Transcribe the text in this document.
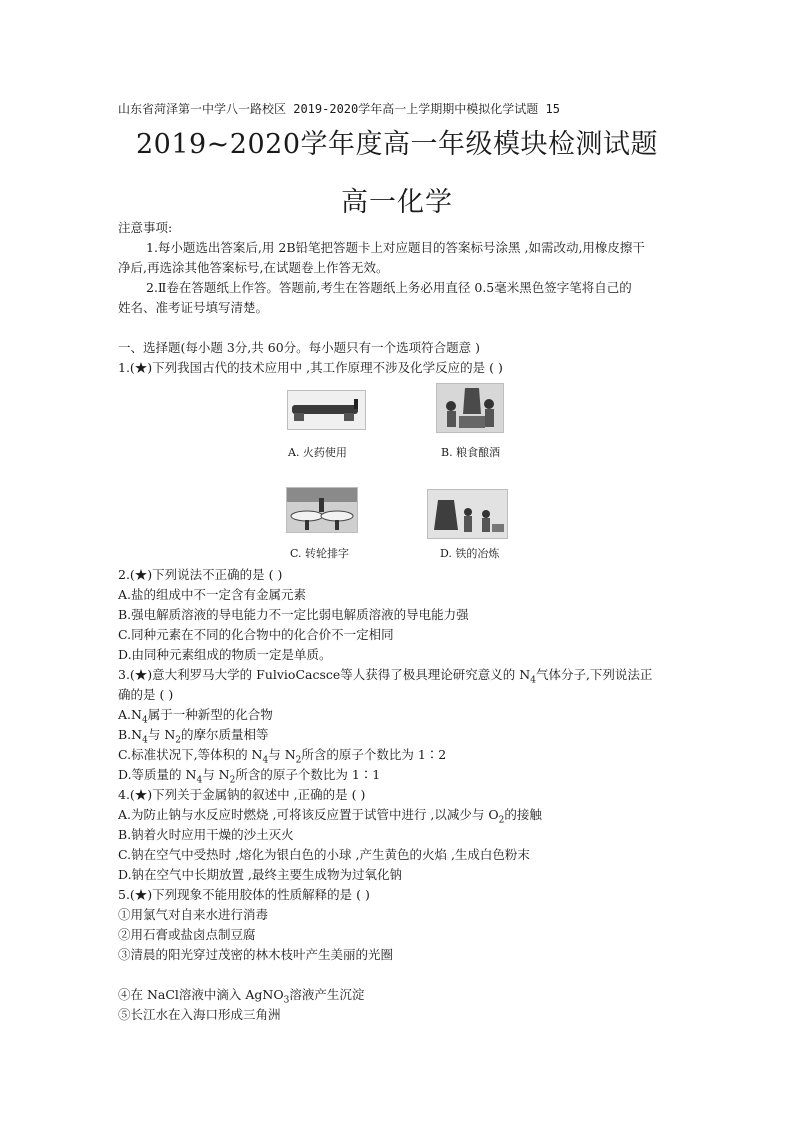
山东省菏泽第一中学八一路校区 2019-2020学年高一上学期期中模拟化学试题 15
2019~2020学年度高一年级模块检测试题
高一化学
注意事项:
1.每小题选出答案后,用 2B铅笔把答题卡上对应题目的答案标号涂黑 ,如需改动,用橡皮擦干
净后,再选涂其他答案标号,在试题卷上作答无效。
2.Ⅱ卷在答题纸上作答。答题前,考生在答题纸上务必用直径 0.5毫米黑色签字笔将自己的
姓名、准考证号填写清楚。
一、选择题(每小题 3分,共 60分。每小题只有一个选项符合题意 )
1.(★)下列我国古代的技术应用中 ,其工作原理不涉及化学反应的是 ( )
A. 火药使用	B. 粮食酿酒
C. 转轮排字	D. 铁的冶炼
2.(★)下列说法不正确的是 ( )
A.盐的组成中不一定含有金属元素
B.强电解质溶液的导电能力不一定比弱电解质溶液的导电能力强
C.同种元素在不同的化合物中的化合价不一定相同
D.由同种元素组成的物质一定是单质。
3.(★)意大利罗马大学的 FulvioCacsce等人获得了极具理论研究意义的 $N_4$气体分子,下列说法正
确的是 ( )
$A.N_4$属于一种新型的化合物
$B.N_4$与 $N_2$的摩尔质量相等
C.标准状况下,等体积的 $N_4$与 $N_2$所含的原子个数比为 1∶2
D.等质量的 $N_4$与 $N_2$所含的原子个数比为 1∶1
4.(★)下列关于金属钠的叙述中 ,正确的是 ( )
A.为防止钠与水反应时燃烧 ,可将该反应置于试管中进行 ,以减少与 $O_2$的接触
B.钠着火时应用干燥的沙土灭火
C.钠在空气中受热时 ,熔化为银白色的小球 ,产生黄色的火焰 ,生成白色粉末
D.钠在空气中长期放置 ,最终主要生成物为过氧化钠
5.(★)下列现象不能用胶体的性质解释的是 ( )
①用氯气对自来水进行消毒
②用石膏或盐卤点制豆腐
③清晨的阳光穿过茂密的林木枝叶产生美丽的光圈
④在 NaCl溶液中滴入 AgNO$_3$溶液产生沉淀
⑤长江水在入海口形成三角洲
